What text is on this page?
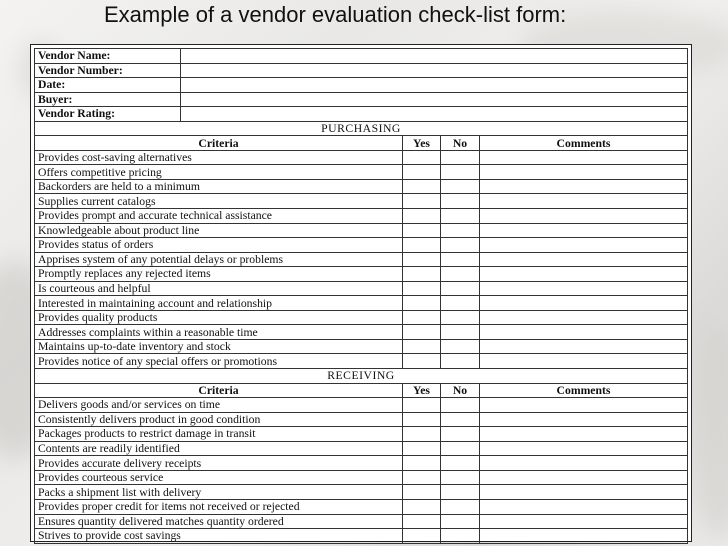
Example of a vendor evaluation check-list form:
Vendor Name:				
Vendor Number:				
Date:				
Buyer:				
Vendor Rating:				
PURCHASING				
Criteria		Yes	No	Comments
Provides cost-saving alternatives				
Offers competitive pricing				
Backorders are held to a minimum				
Supplies current catalogs				
Provides prompt and accurate technical assistance				
Knowledgeable about product line				
Provides status of orders				
Apprises system of any potential delays or problems				
Promptly replaces any rejected items				
Is courteous and helpful				
Interested in maintaining account and relationship				
Provides quality products				
Addresses complaints within a reasonable time				
Maintains up-to-date inventory and stock				
Provides notice of any special offers or promotions				
RECEIVING				
Criteria		Yes	No	Comments
Delivers goods and/or services on time				
Consistently delivers product in good condition				
Packages products to restrict damage in transit				
Contents are readily identified				
Provides accurate delivery receipts				
Provides courteous service				
Packs a shipment list with delivery				
Provides proper credit for items not received or rejected				
Ensures quantity delivered matches quantity ordered				
Strives to provide cost savings				
